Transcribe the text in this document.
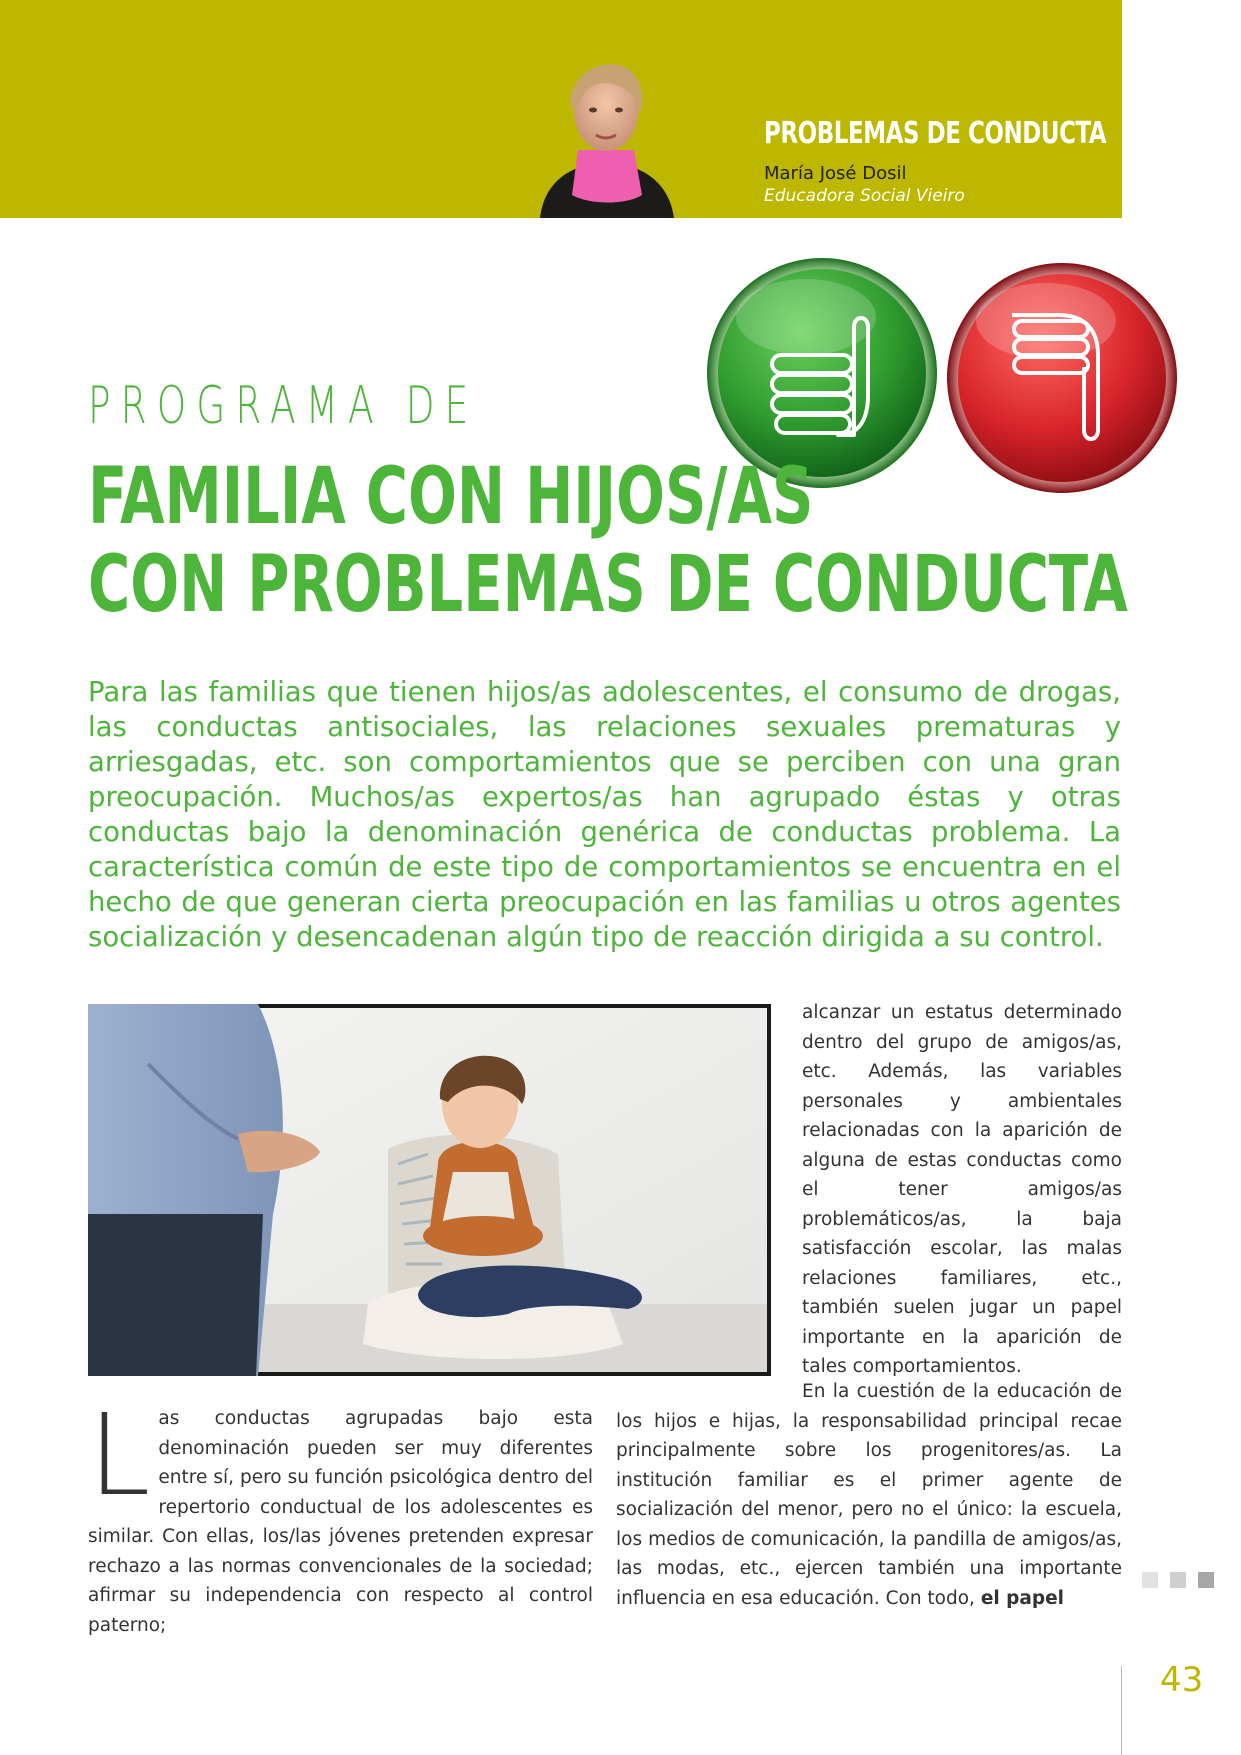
PROBLEMAS DE CONDUCTA
María José Dosil
Educadora Social Vieiro
PROGRAMA DE
FAMILIA CON HIJOS/AS
CON PROBLEMAS DE CONDUCTA
Para las familias que tienen hijos/as adolescentes, el consumo de drogas, las conductas antisociales, las relaciones sexuales prematuras y arriesgadas, etc. son comportamientos que se perciben con una gran preocupación. Muchos/as expertos/as han agrupado éstas y otras conductas bajo la denominación genérica de conductas problema. La característica común de este tipo de comportamientos se encuentra en el hecho de que generan cierta preocupación en las familias u otros agentes socialización y desencadenan algún tipo de reacción dirigida a su control.

alcanzar un estatus determinado dentro del grupo de amigos/as, etc. Además, las variables personales y ambientales relacionadas con la aparición de alguna de estas conductas como el tener amigos/as problemáticos/as, la baja satisfacción escolar, las malas relaciones familiares, etc., también suelen jugar un papel importante en la aparición de tales comportamientos.

L as conductas agrupadas bajo esta denominación pueden ser muy diferentes entre sí, pero su función psicológica dentro del repertorio conductual de los adolescentes es similar. Con ellas, los/las jóvenes pretenden expresar rechazo a las normas convencionales de la sociedad; afirmar su independencia con respecto al control paterno;

En la cuestión de la educación de los hijos e hijas, la responsabilidad principal recae principalmente sobre los progenitores/as. La institución familiar es el primer agente de socialización del menor, pero no el único: la escuela, los medios de comunicación, la pandilla de amigos/as, las modas, etc., ejercen también una importante influencia en esa educación. Con todo, el papel

43
